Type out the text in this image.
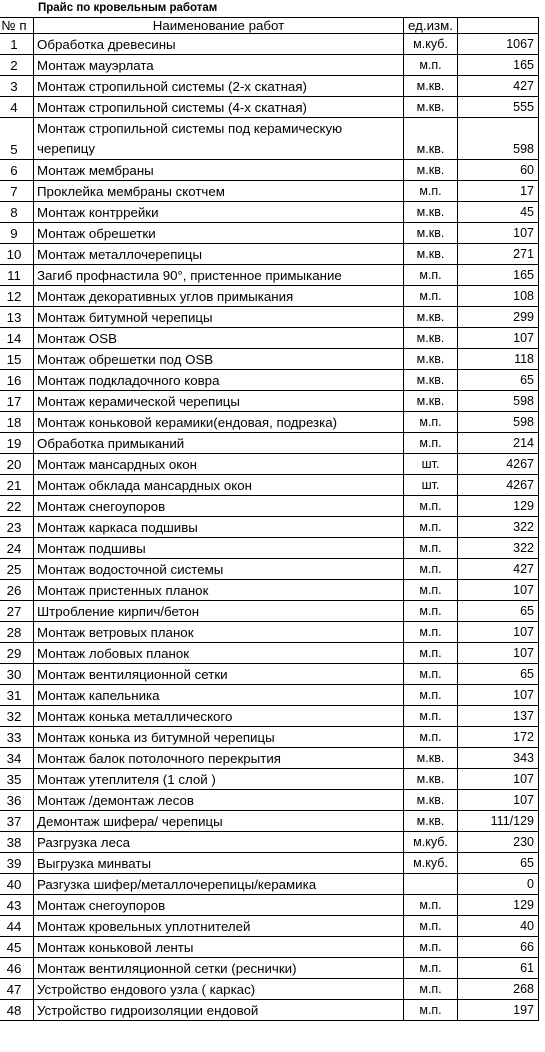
Прайс по кровельным работам
№ п	Наименование работ	ед.изм.	
1	Обработка древесины	м.куб.	1067
2	Монтаж мауэрлата	м.п.	165
3	Монтаж стропильной системы (2-х скатная)	м.кв.	427
4	Монтаж стропильной системы (4-х скатная)	м.кв.	555
5	Монтаж стропильной системы под керамическую черепицу	м.кв.	598
6	Монтаж мембраны	м.кв.	60
7	Проклейка мембраны скотчем	м.п.	17
8	Монтаж контррейки	м.кв.	45
9	Монтаж обрешетки	м.кв.	107
10	Монтаж металлочерепицы	м.кв.	271
11	Загиб профнастила 90°, пристенное примыкание	м.п.	165
12	Монтаж декоративных углов примыкания	м.п.	108
13	Монтаж битумной черепицы	м.кв.	299
14	Монтаж OSB	м.кв.	107
15	Монтаж обрешетки под OSB	м.кв.	118
16	Монтаж подкладочного ковра	м.кв.	65
17	Монтаж керамической черепицы	м.кв.	598
18	Монтаж коньковой керамики(ендовая, подрезка)	м.п.	598
19	Обработка примыканий	м.п.	214
20	Монтаж мансардных окон	шт.	4267
21	Монтаж обклада мансардных окон	шт.	4267
22	Монтаж снегоупоров	м.п.	129
23	Монтаж каркаса подшивы	м.п.	322
24	Монтаж подшивы	м.п.	322
25	Монтаж водосточной системы	м.п.	427
26	Монтаж пристенных планок	м.п.	107
27	Штробление кирпич/бетон	м.п.	65
28	Монтаж ветровых планок	м.п.	107
29	Монтаж лобовых планок	м.п.	107
30	Монтаж вентиляционной сетки	м.п.	65
31	Монтаж капельника	м.п.	107
32	Монтаж конька металлического	м.п.	137
33	Монтаж конька из битумной черепицы	м.п.	172
34	Монтаж балок потолочного перекрытия	м.кв.	343
35	Монтаж утеплителя (1 слой )	м.кв.	107
36	Монтаж /демонтаж лесов	м.кв.	107
37	Демонтаж шифера/ черепицы	м.кв.	111/129
38	Разгрузка леса	м.куб.	230
39	Выгрузка минваты	м.куб.	65
40	Разгузка шифер/металлочерепицы/керамика		0
43	Монтаж снегоупоров	м.п.	129
44	Монтаж кровельных уплотнителей	м.п.	40
45	Монтаж коньковой ленты	м.п.	66
46	Монтаж вентиляционной сетки (реснички)	м.п.	61
47	Устройство ендового узла ( каркас)	м.п.	268
48	Устройство гидроизоляции ендовой	м.п.	197
